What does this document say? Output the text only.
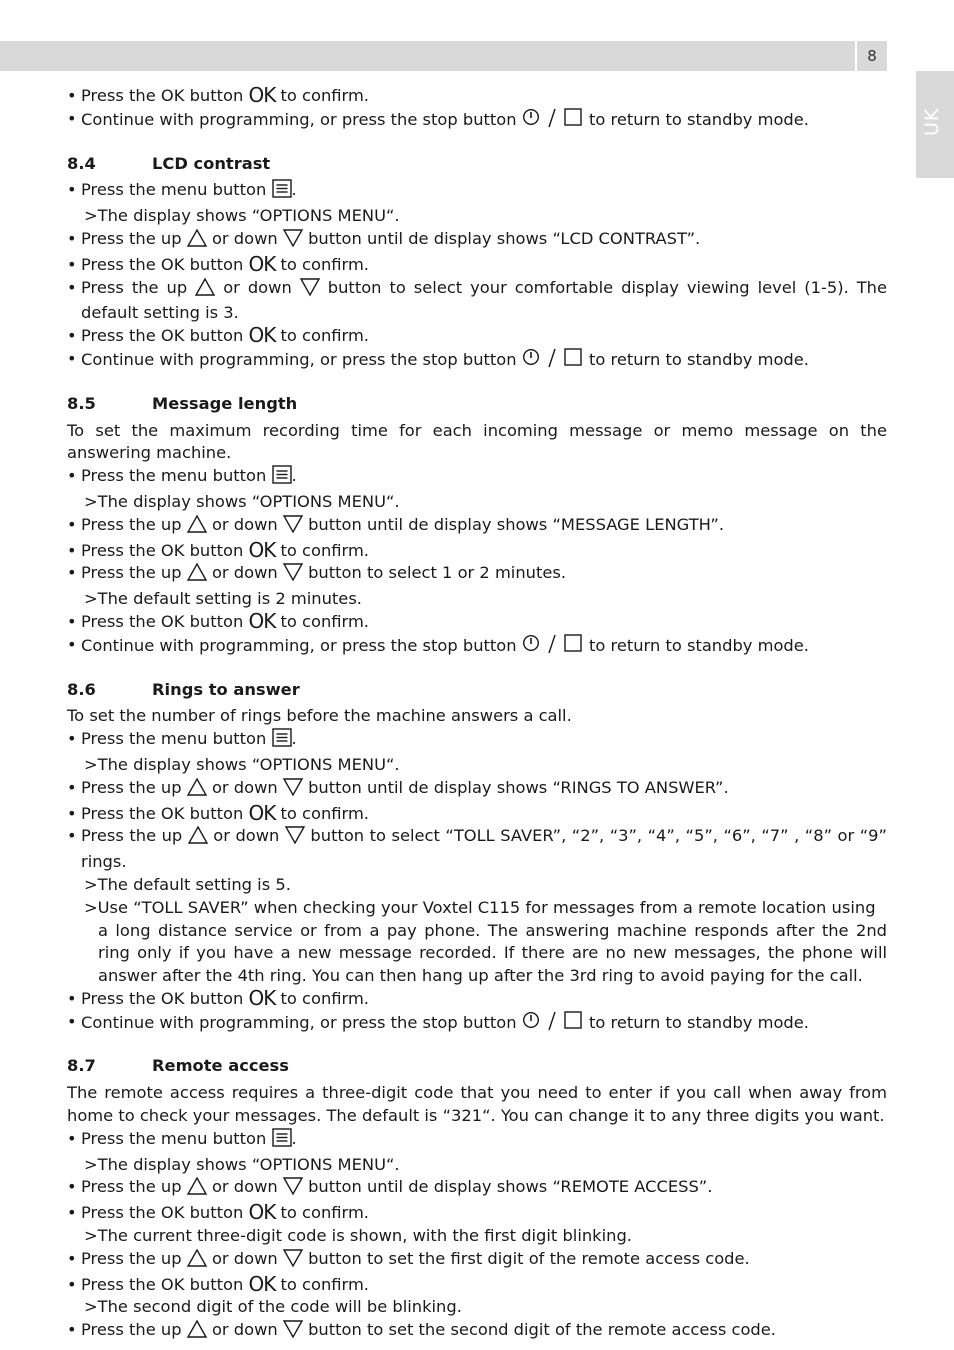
8
UK
• Press the OK button OK to confirm.
• Continue with programming, or press the stop button	to return to standby mode.
8.4	LCD contrast
• Press the menu button .
>The display shows “OPTIONS MENU“.
• Press the up or down button until de display shows “LCD CONTRAST”.
• Press the OK button OK to confirm.
• Press the up or down button to select your comfortable display viewing level (1-5). The default setting is 3.
• Press the OK button OK to confirm.
• Continue with programming, or press the stop button	to return to standby mode.
8.5	Message length
To set the maximum recording time for each incoming message or memo message on the answering machine.
• Press the menu button .
>The display shows “OPTIONS MENU“.
• Press the up or down button until de display shows “MESSAGE LENGTH”.
• Press the OK button OK to confirm.
• Press the up or down button to select 1 or 2 minutes.
>The default setting is 2 minutes.
• Press the OK button OK to confirm.
• Continue with programming, or press the stop button	to return to standby mode.
8.6	Rings to answer
To set the number of rings before the machine answers a call.
• Press the menu button .
>The display shows “OPTIONS MENU“.
• Press the up or down button until de display shows “RINGS TO ANSWER”.
• Press the OK button OK to confirm.
• Press the up or down button to select “TOLL SAVER”, “2”, “3”, “4”, “5”, “6”, “7” , “8” or “9” rings.
>The default setting is 5.
>Use “TOLL SAVER” when checking your Voxtel C115 for messages from a remote location using
a long distance service or from a pay phone. The answering machine responds after the 2nd ring only if you have a new message recorded. If there are no new messages, the phone will answer after the 4th ring. You can then hang up after the 3rd ring to avoid paying for the call.
• Press the OK button OK to confirm.
• Continue with programming, or press the stop button	to return to standby mode.
8.7	Remote access
The remote access requires a three-digit code that you need to enter if you call when away from home to check your messages. The default is “321“. You can change it to any three digits you want.
• Press the menu button .
>The display shows “OPTIONS MENU“.
• Press the up or down button until de display shows “REMOTE ACCESS”.
• Press the OK button OK to confirm.
>The current three-digit code is shown, with the first digit blinking.
• Press the up or down button to set the first digit of the remote access code.
• Press the OK button OK to confirm.
>The second digit of the code will be blinking.
• Press the up or down button to set the second digit of the remote access code.
